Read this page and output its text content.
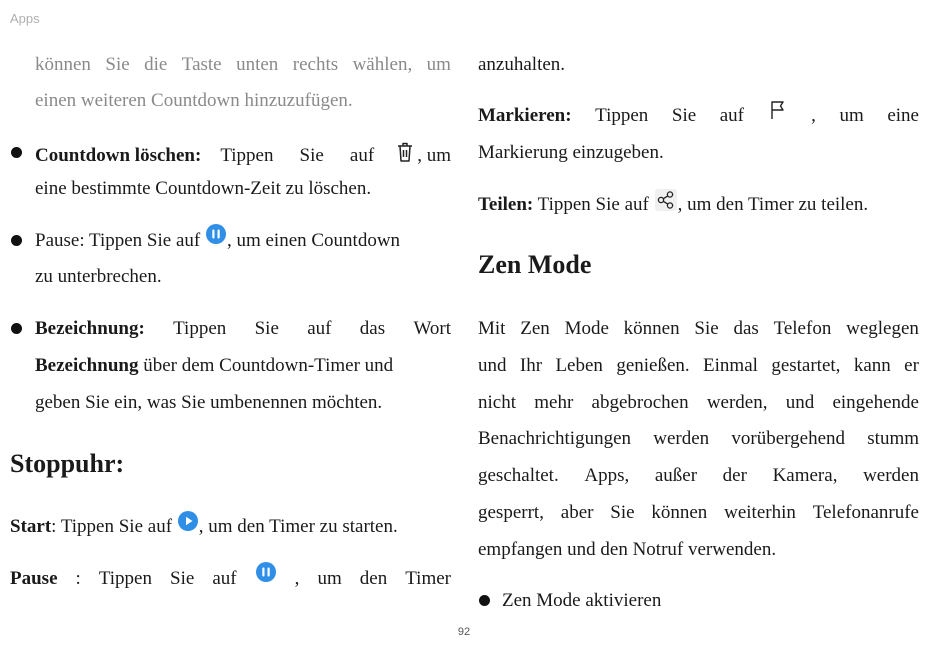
Apps
können Sie die Taste unten rechts wählen, um
einen weiteren Countdown hinzuzufügen.
Countdown löschen: Tippen Sie auf , um
eine bestimmte Countdown-Zeit zu löschen.
Pause: Tippen Sie auf , um einen Countdown
zu unterbrechen.
Bezeichnung: Tippen Sie auf das Wort
Bezeichnung über dem Countdown-Timer und
geben Sie ein, was Sie umbenennen möchten.
Stoppuhr:
Start: Tippen Sie auf , um den Timer zu starten.
Pause : Tippen Sie auf	, um den Timer
anzuhalten.
Markieren: Tippen Sie auf	, um eine
Markierung einzugeben.
Teilen: Tippen Sie auf , um den Timer zu teilen.
Zen Mode
Mit Zen Mode können Sie das Telefon weglegen
und Ihr Leben genießen. Einmal gestartet, kann er
nicht mehr abgebrochen werden, und eingehende
Benachrichtigungen werden vorübergehend stumm
geschaltet. Apps, außer der Kamera, werden
gesperrt, aber Sie können weiterhin Telefonanrufe
empfangen und den Notruf verwenden.
Zen Mode aktivieren
92
